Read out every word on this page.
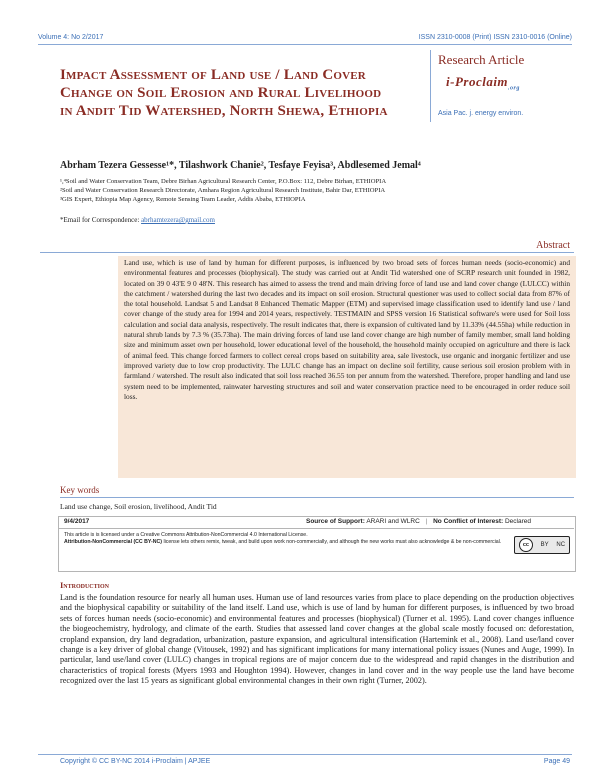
Volume 4: No 2/2017	ISSN 2310-0008 (Print) ISSN 2310-0016 (Online)
Impact Assessment of Land use / Land Cover Change on Soil Erosion and Rural Livelihood in Andit Tid Watershed, North Shewa, Ethiopia
Research Article
i-Proclaim$_{.org}$
Asia Pac. j. energy environ.
Abrham Tezera Gessesse¹*, Tilashwork Chanie², Tesfaye Feyisa³, Abdlesemed Jemal⁴
¹,⁴Soil and Water Conservation Team, Debre Birhan Agricultural Research Center, P.O.Box: 112, Debre Birhan, ETHIOPIA
²Soil and Water Conservation Research Directorate, Amhara Region Agricultural Research Institute, Bahir Dar, ETHIOPIA
³GIS Expert, Ethiopia Map Agency, Remote Sensing Team Leader, Addis Ababa, ETHIOPIA
*Email for Correspondence: abrhamtezera@gmail.com
Abstract

Land use, which is use of land by human for different purposes, is influenced by two broad sets of forces human needs (socio-economic) and environmental features and processes (biophysical). The study was carried out at Andit Tid watershed one of SCRP research unit founded in 1982, located on 39 0 43'E 9 0 48'N. This research has aimed to assess the trend and main driving force of land use and land cover change (LULCC) within the catchment / watershed during the last two decades and its impact on soil erosion. Structural questioner was used to collect social data from 87% of the total household. Landsat 5 and Landsat 8 Enhanced Thematic Mapper (ETM) and supervised image classification used to identify land use / land cover change of the study area for 1994 and 2014 years, respectively. TESTMAIN and SPSS version 16 Statistical software's were used for Soil loss calculation and social data analysis, respectively. The result indicates that, there is expansion of cultivated land by 11.33% (44.55ha) while reduction in natural shrub lands by 7.3 % (35.73ha). The main driving forces of land use land cover change are high number of family member, small land holding size and minimum asset own per household, lower educational level of the household, the household mainly occupied on agriculture and there is lack of animal feed. This change forced farmers to collect cereal crops based on suitability area, sale livestock, use organic and inorganic fertilizer and use improved variety due to low crop productivity. The LULC change has an impact on decline soil fertility, cause serious soil erosion problem with in farmland / watershed. The result also indicated that soil loss reached 36.55 ton per annum from the watershed. Therefore, proper handling and land use system need to be implemented, rainwater harvesting structures and soil and water conservation practice need to be encouraged in order reduce soil loss.

Key words
Land use change, Soil erosion, livelihood, Andit Tid
9/4/2017	Source of Support: ARARI and WLRC | No Conflict of Interest: Declared
This article is is licensed under a Creative Commons Attribution-NonCommercial 4.0 International License.
Attribution-NonCommercial (CC BY-NC) license lets others remix, tweak, and build upon work non-commercially, and although the new works must also acknowledge & be non-commercial.	cc	BY NC
Introduction

Land is the foundation resource for nearly all human uses. Human use of land resources varies from place to place depending on the production objectives and the biophysical capability or suitability of the land itself. Land use, which is use of land by human for different purposes, is influenced by two broad sets of forces human needs (socio-economic) and environmental features and processes (biophysical) (Turner et al. 1995). Land cover changes influence the biogeochemistry, hydrology, and climate of the earth. Studies that assessed land cover changes at the global scale mostly focused on: deforestation, cropland expansion, dry land degradation, urbanization, pasture expansion, and agricultural intensification (Hartemink et al., 2008). Land use/land cover change is a key driver of global change (Vitousek, 1992) and has significant implications for many international policy issues (Nunes and Auge, 1999). In particular, land use/land cover (LULC) changes in tropical regions are of major concern due to the widespread and rapid changes in the distribution and characteristics of tropical forests (Myers 1993 and Houghton 1994). However, changes in land cover and in the way people use the land have become recognized over the last 15 years as significant global environmental changes in their own right (Turner, 2002).

Copyright © CC BY-NC 2014 i-Proclaim | APJEE	Page 49
